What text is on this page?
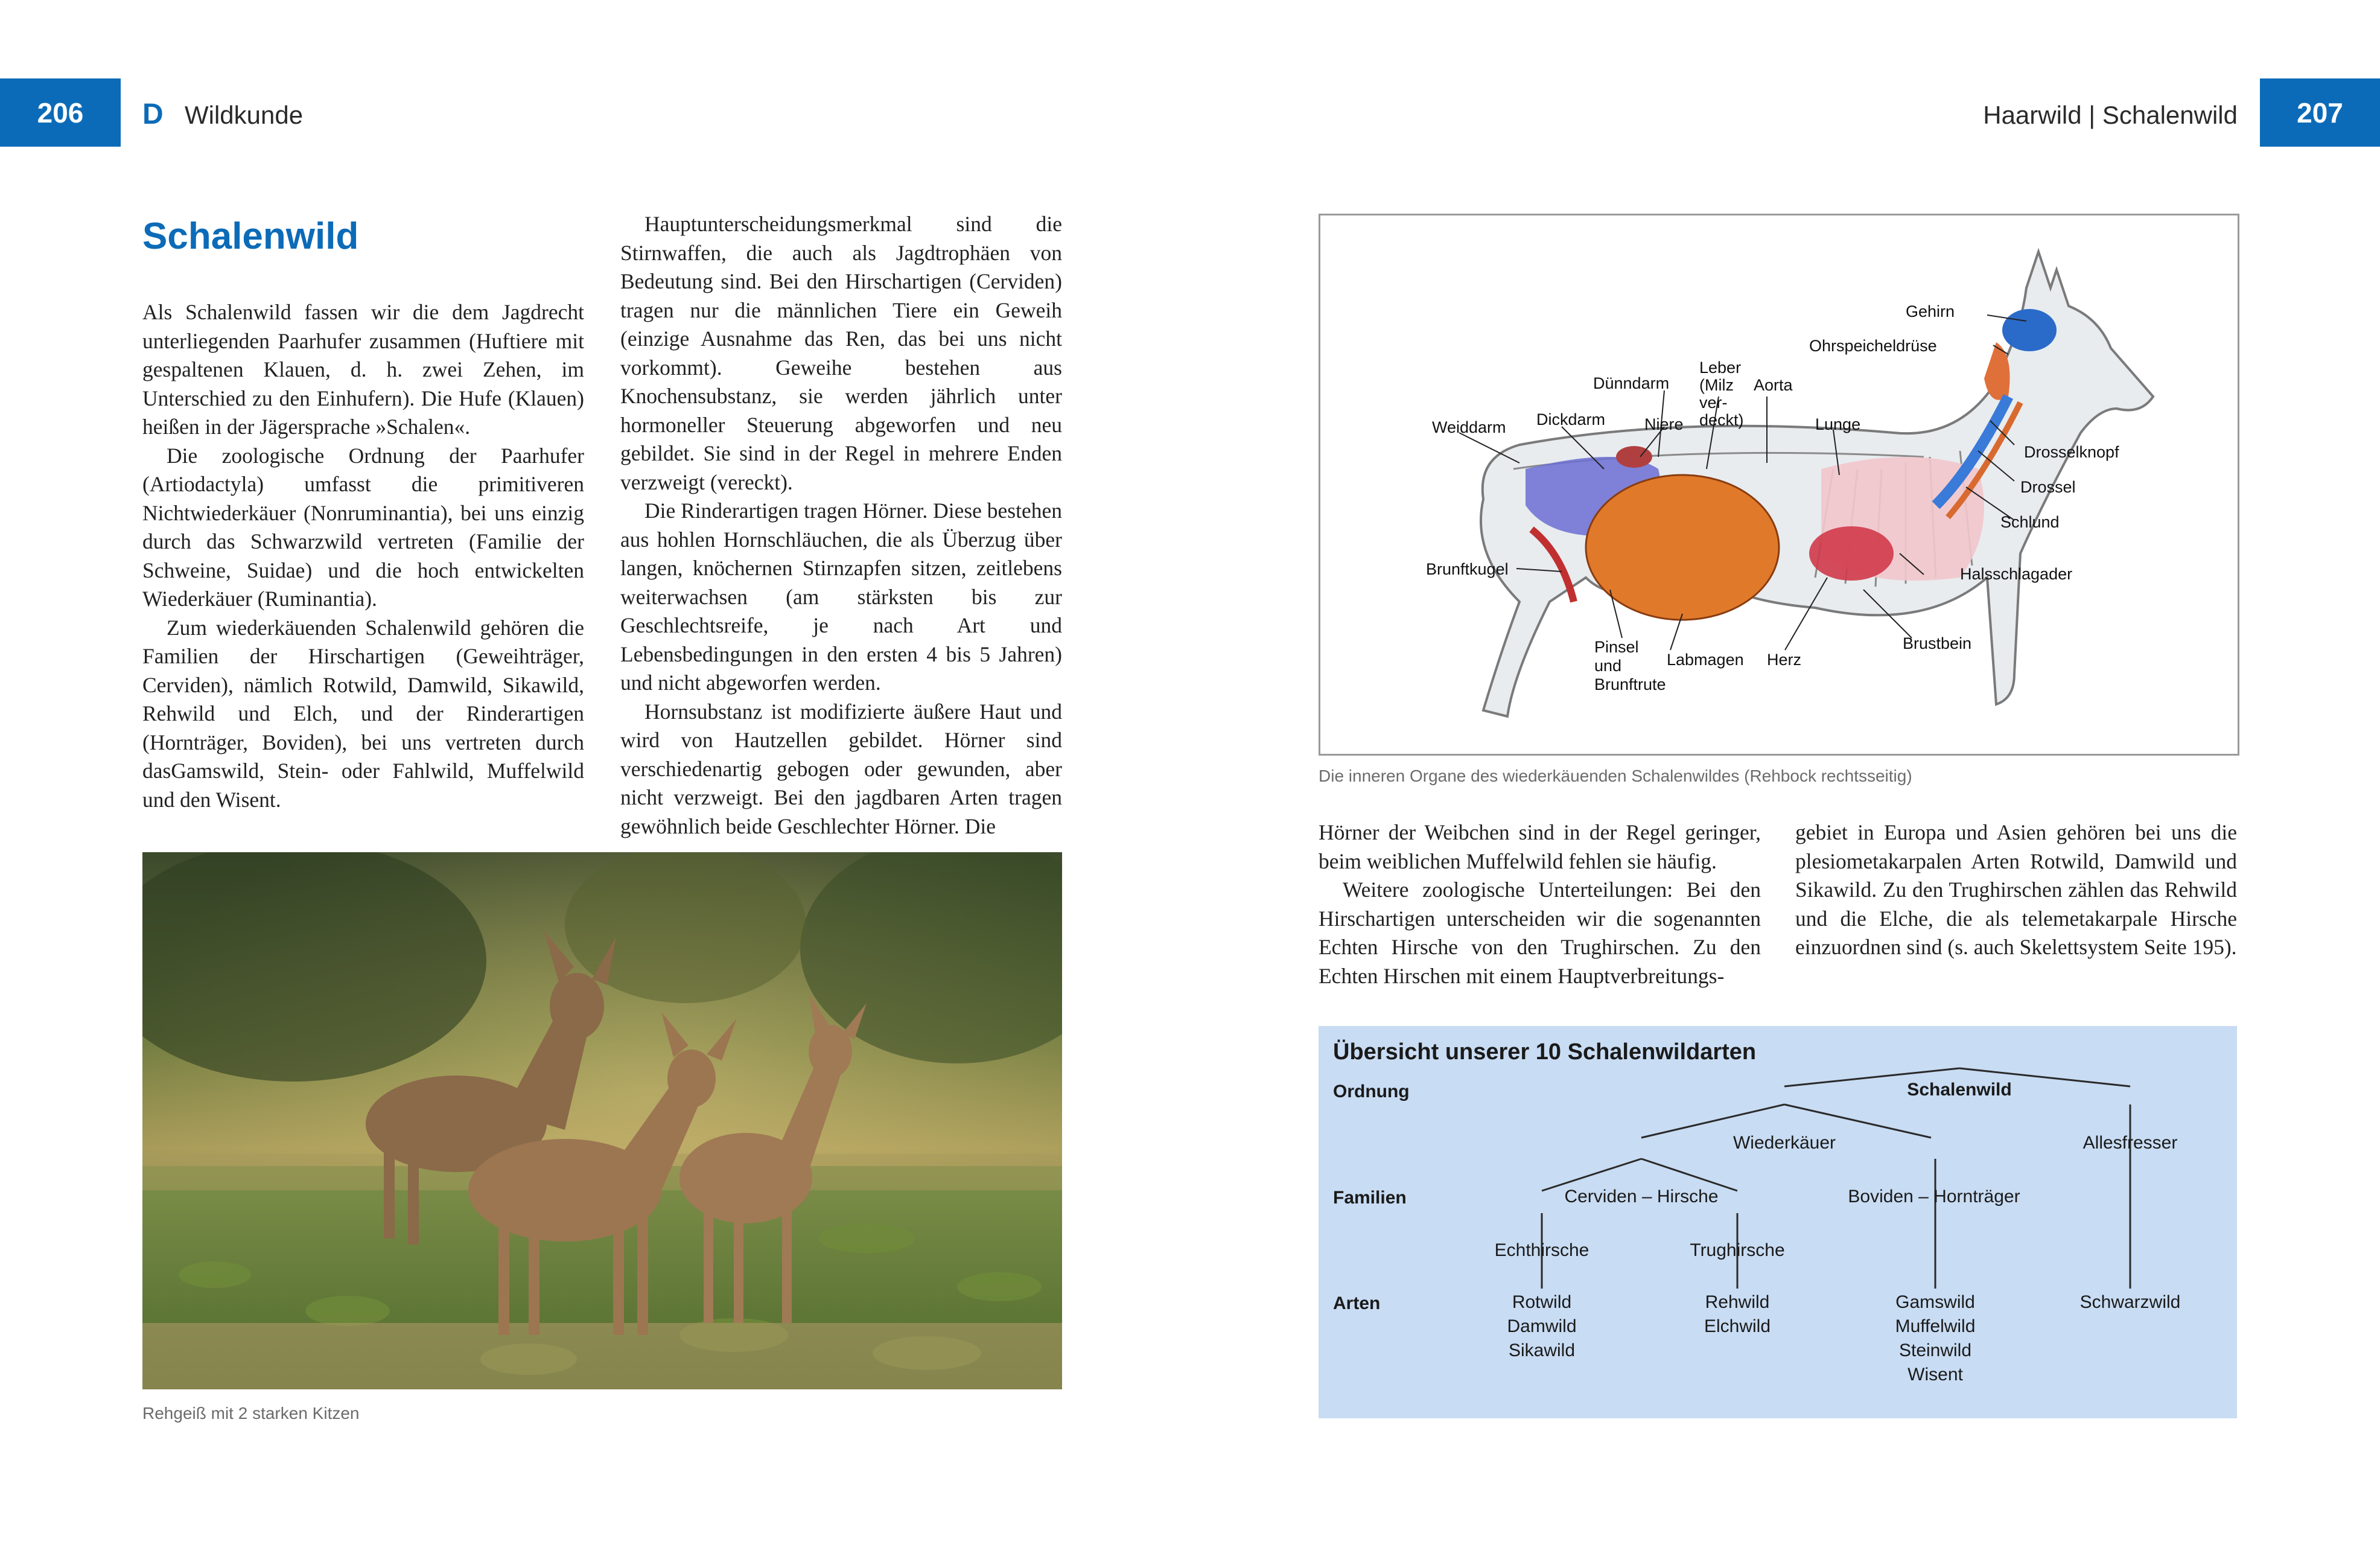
206 D Wildkunde	Haarwild | Schalenwild 207
Schalenwild

Als Schalenwild fassen wir die dem Jagdrecht unterliegenden Paarhufer zusammen (Huftiere mit gespaltenen Klauen, d. h. zwei Zehen, im Unterschied zu den Einhufern). Die Hufe (Klauen) heißen in der Jägersprache »Schalen«.

Die zoologische Ordnung der Paarhufer (Artiodactyla) umfasst die primitiveren Nichtwiederkäuer (Nonruminantia), bei uns einzig durch das Schwarzwild vertreten (Familie der Schweine, Suidae) und die hoch entwickelten Wiederkäuer (Ruminantia).

Zum wiederkäuenden Schalenwild gehören die Familien der Hirschartigen (Geweihträger, Cerviden), nämlich Rotwild, Damwild, Sikawild, Rehwild und Elch, und der Rinderartigen (Hornträger, Boviden), bei uns vertreten durch dasGamswild, Stein- oder Fahlwild, Muffelwild und den Wisent.

Hauptunterscheidungsmerkmal sind die Stirnwaffen, die auch als Jagdtrophäen von Bedeutung sind. Bei den Hirschartigen (Cerviden) tragen nur die männlichen Tiere ein Geweih (einzige Ausnahme das Ren, das bei uns nicht vorkommt). Geweihe bestehen aus Knochensubstanz, sie werden jährlich unter hormoneller Steuerung abgeworfen und neu gebildet. Sie sind in der Regel in mehrere Enden verzweigt (vereckt).

Die Rinderartigen tragen Hörner. Diese bestehen aus hohlen Hornschläuchen, die als Überzug über langen, knöchernen Stirnzapfen sitzen, zeitlebens weiterwachsen (am stärksten bis zur Geschlechtsreife, je nach Art und Lebensbedingungen in den ersten 4 bis 5 Jahren) und nicht abgeworfen werden.

Hornsubstanz ist modifizierte äußere Haut und wird von Hautzellen gebildet. Hörner sind verschiedenartig gebogen oder gewunden, aber nicht verzweigt. Bei den jagdbaren Arten tragen gewöhnlich beide Geschlechter Hörner. Die

Rehgeiß mit 2 starken Kitzen
Gehirn
Ohrspeicheldrüse
Dünndarm
Leber
(Milz
ver-
deckt)
Aorta
Weiddarm Dickdarm Niere	Lunge
Drosselknopf
Drossel
Schlund
Brunftkugel	Halsschlagader
Brustbein
Pinsel
und
Brunftrute
Labmagen Herz
Die inneren Organe des wiederkäuenden Schalenwildes (Rehbock rechtsseitig)

Hörner der Weibchen sind in der Regel geringer, beim weiblichen Muffelwild fehlen sie häufig.

Weitere zoologische Unterteilungen: Bei den Hirschartigen unterscheiden wir die sogenannten Echten Hirsche von den Trughirschen. Zu den Echten Hirschen mit einem Hauptverbreitungs-

gebiet in Europa und Asien gehören bei uns die plesiometakarpalen Arten Rotwild, Damwild und Sikawild. Zu den Trughirschen zählen das Rehwild und die Elche, die als telemetakarpale Hirsche einzuordnen sind (s. auch Skelettsystem Seite 195).

Übersicht unserer 10 Schalenwildarten
Ordnung
Familien
Arten
Schalenwild
Wiederkäuer	Allesfresser
Cerviden – Hirsche	Boviden – Hornträger
Echthirsche	Trughirsche
Rotwild
Damwild
Sikawild
Rehwild
Elchwild
Gamswild
Muffelwild
Steinwild
Wisent
Schwarzwild
